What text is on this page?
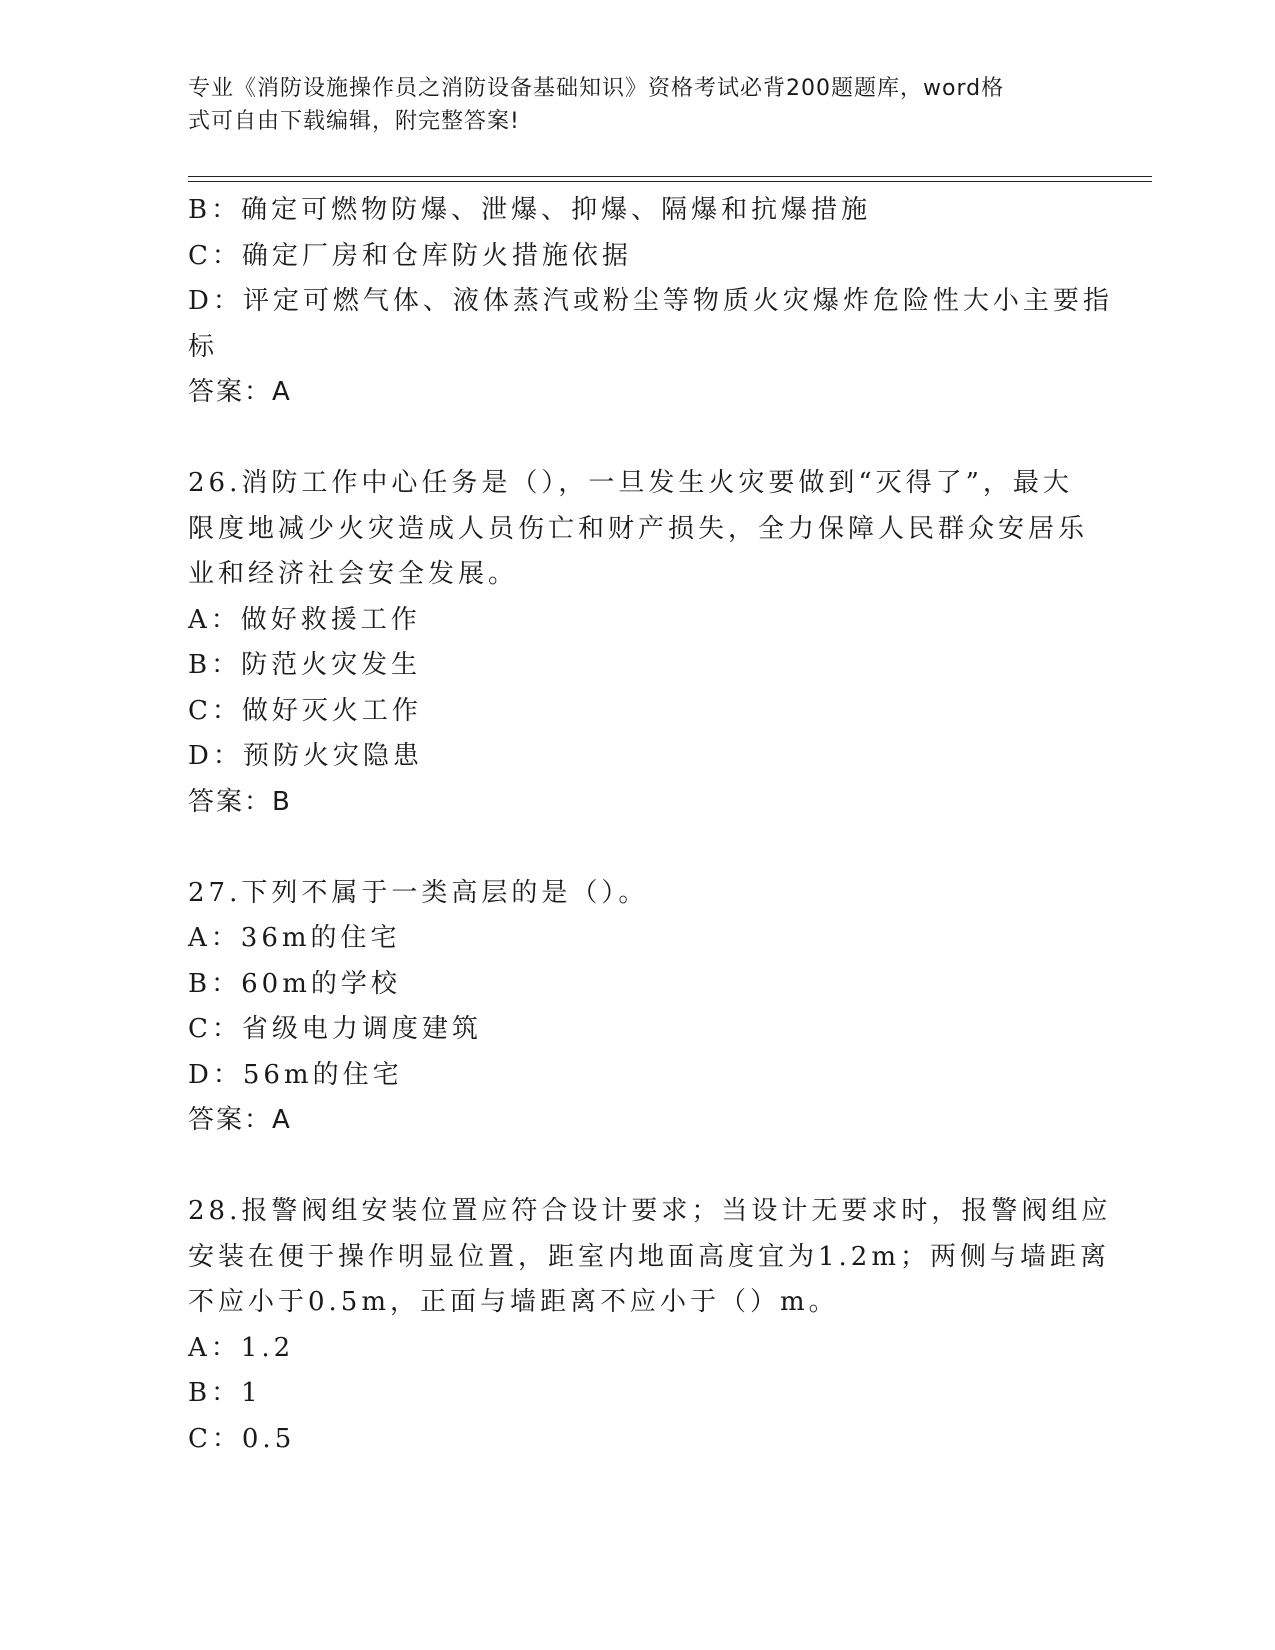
专业《消防设施操作员之消防设备基础知识》资格考试必背200题题库，word格
式可自由下载编辑，附完整答案!
B：确定可燃物防爆、泄爆、抑爆、隔爆和抗爆措施
C：确定厂房和仓库防火措施依据
D：评定可燃气体、液体蒸汽或粉尘等物质火灾爆炸危险性大小主要指
标
答案：A
26.消防工作中心任务是（），一旦发生火灾要做到“灭得了”，最大
限度地减少火灾造成人员伤亡和财产损失，全力保障人民群众安居乐
业和经济社会安全发展。
A：做好救援工作
B：防范火灾发生
C：做好灭火工作
D：预防火灾隐患
答案：B
27.下列不属于一类高层的是（）。
A：36m的住宅
B：60m的学校
C：省级电力调度建筑
D：56m的住宅
答案：A
28.报警阀组安装位置应符合设计要求；当设计无要求时，报警阀组应
安装在便于操作明显位置，距室内地面高度宜为1.2m；两侧与墙距离
不应小于0.5m，正面与墙距离不应小于（）m。
A：1.2
B：1
C：0.5
